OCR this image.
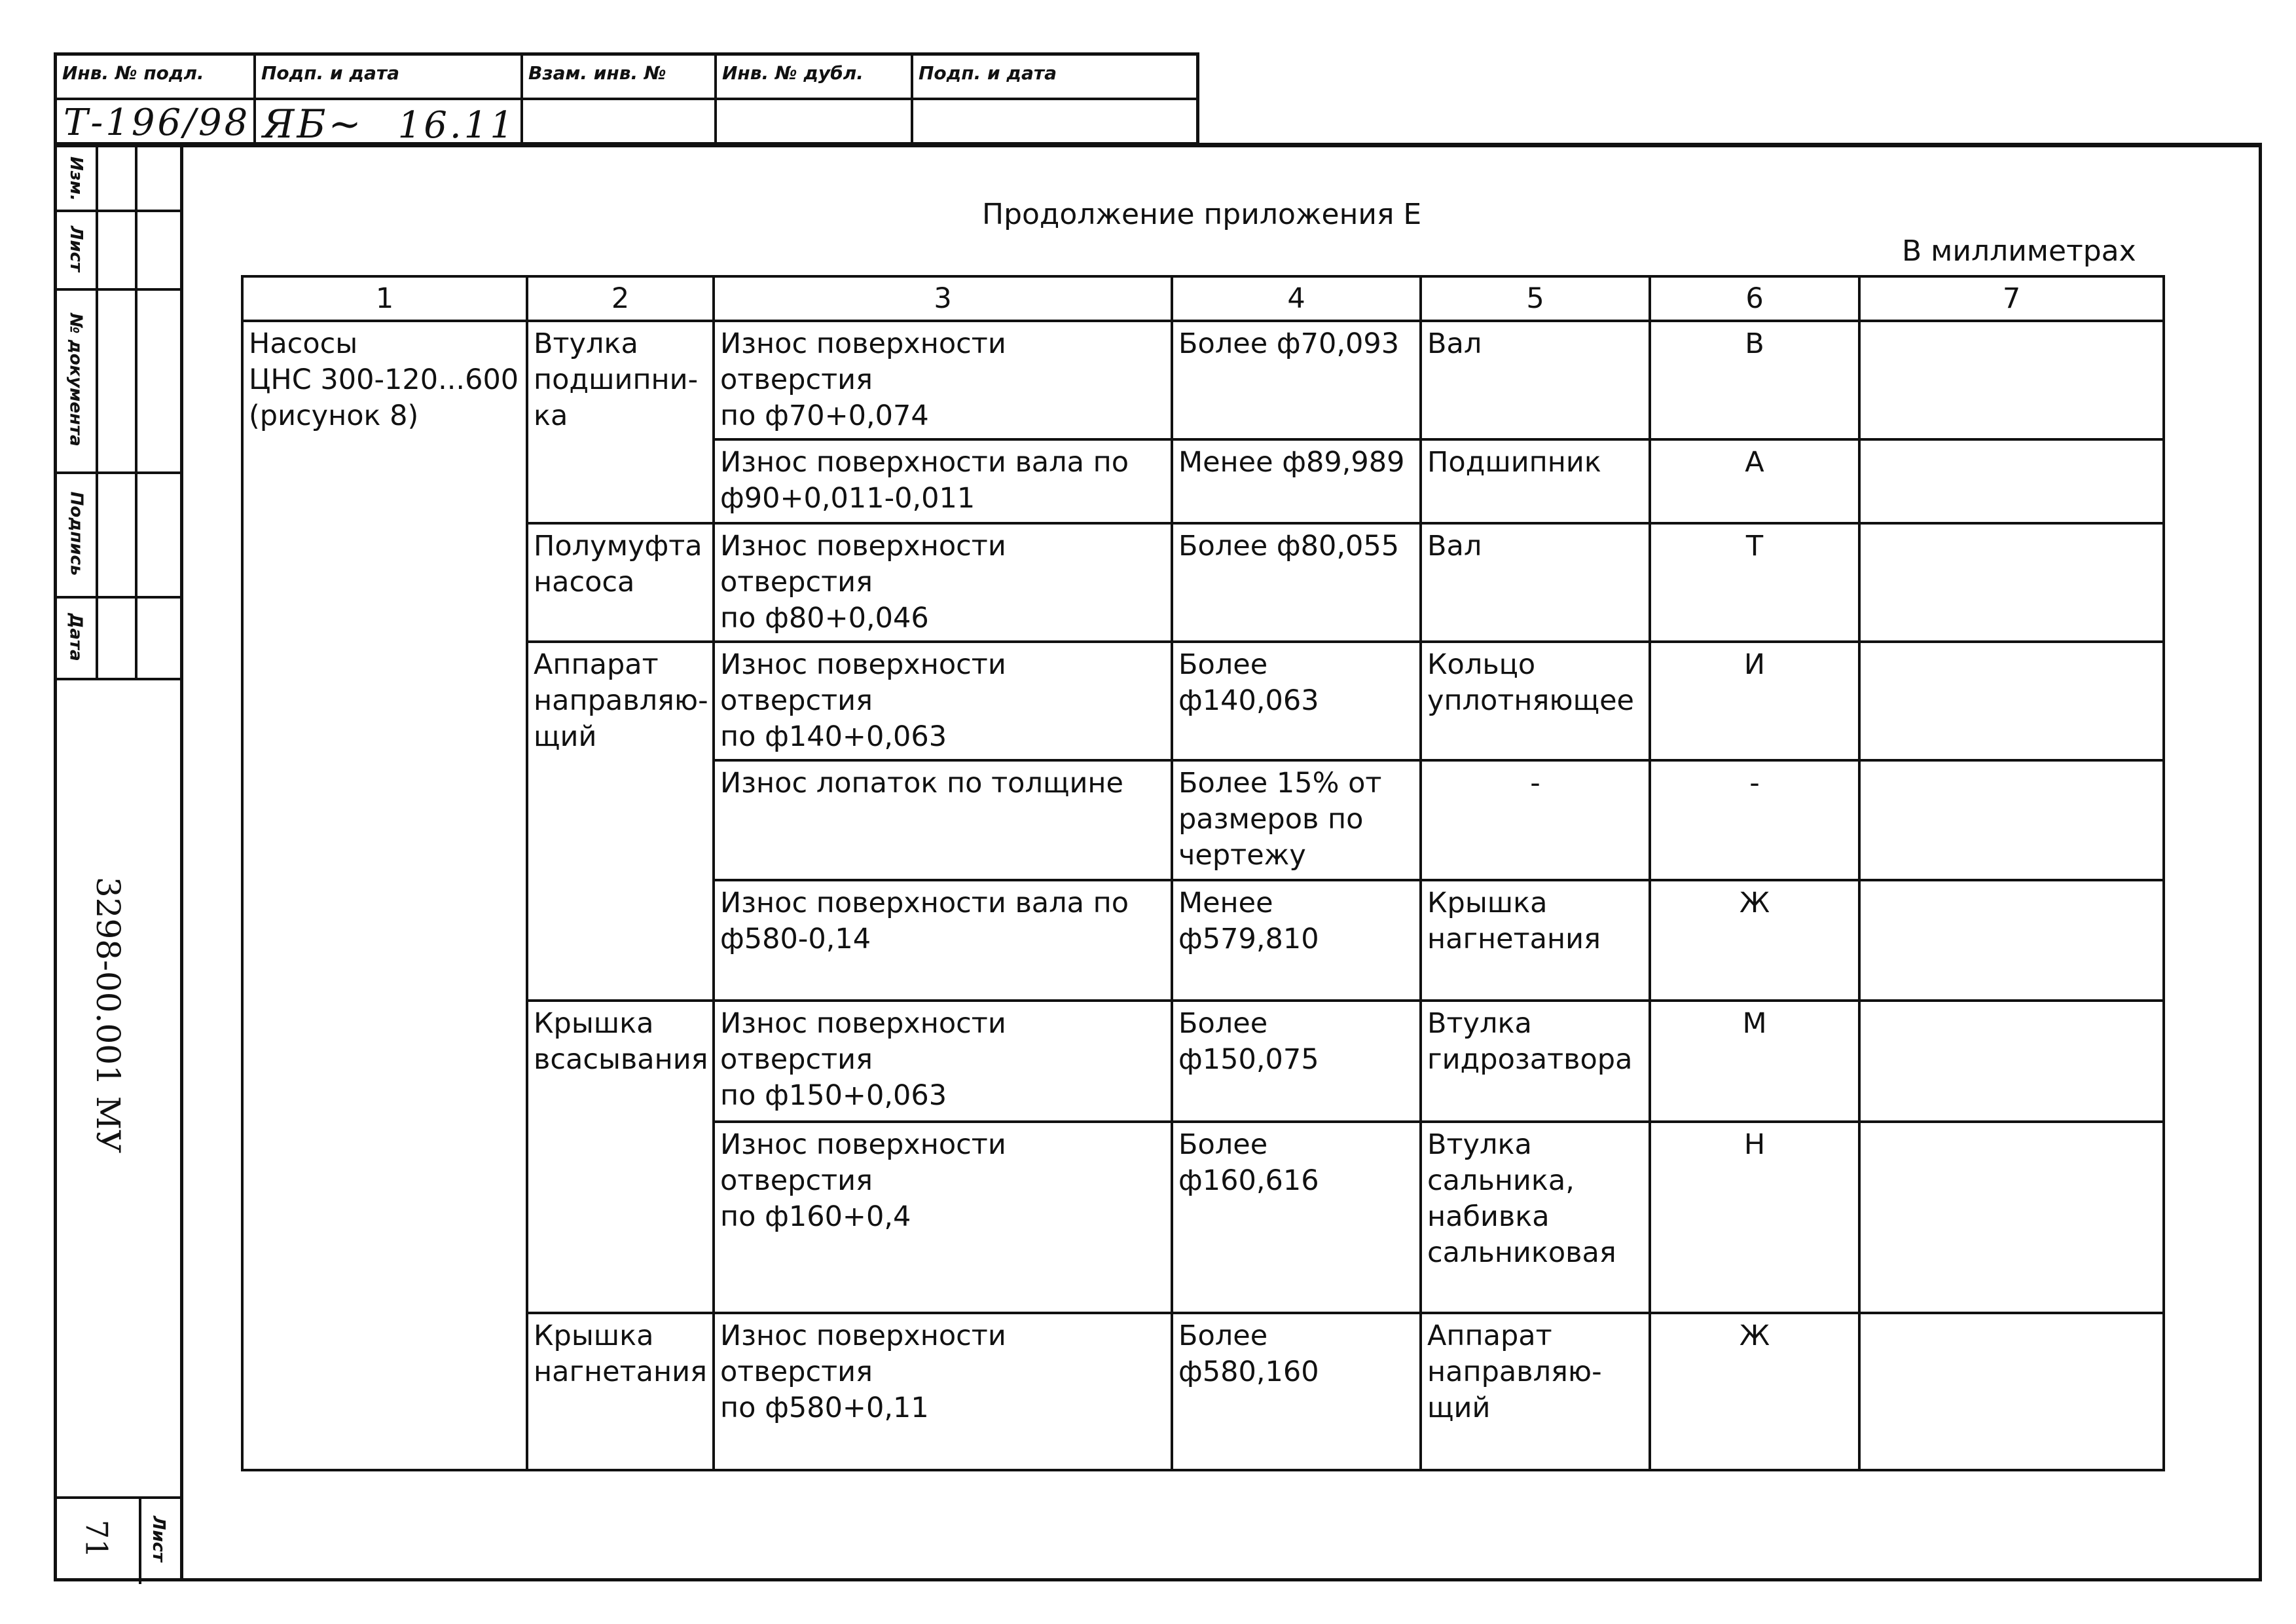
Инв. № подл.	Подп. и дата	Взам. инв. №	Инв. № дубл.	Подп. и дата
Т-196/98 ЯБ~ 16.11
Изм.
Лист
№ документа
Подпись
Дата
3298-00.001 МУ
71 Лист
Продолжение приложения Е
В миллиметрах
1	2	3	4	5	6	7
Насосы
ЦНС 300-120...600
(рисунок 8)	Втулка
подшипни-
ка	Износ поверхности отверстия
по ф70+0,074	Более ф70,093	Вал	В	
		Износ поверхности вала по
ф90+0,011-0,011	Менее ф89,989	Подшипник	А	
	Полумуфта
насоса	Износ поверхности отверстия
по ф80+0,046	Более ф80,055	Вал	Т	
	Аппарат
направляю-
щий	Износ поверхности отверстия
по ф140+0,063	Более ф140,063	Кольцо
уплотняющее	И	
		Износ лопаток по толщине	Более 15% от
размеров по
чертежу	-	-	
		Износ поверхности вала по
ф580-0,14	Менее
ф579,810	Крышка
нагнетания	Ж	
	Крышка
всасывания	Износ поверхности отверстия
по ф150+0,063	Более ф150,075	Втулка
гидрозатвора	М	
		Износ поверхности отверстия
по ф160+0,4	Более ф160,616	Втулка
сальника,
набивка
сальниковая	Н	
	Крышка
нагнетания	Износ поверхности отверстия
по ф580+0,11	Более ф580,160	Аппарат
направляю-
щий	Ж	
